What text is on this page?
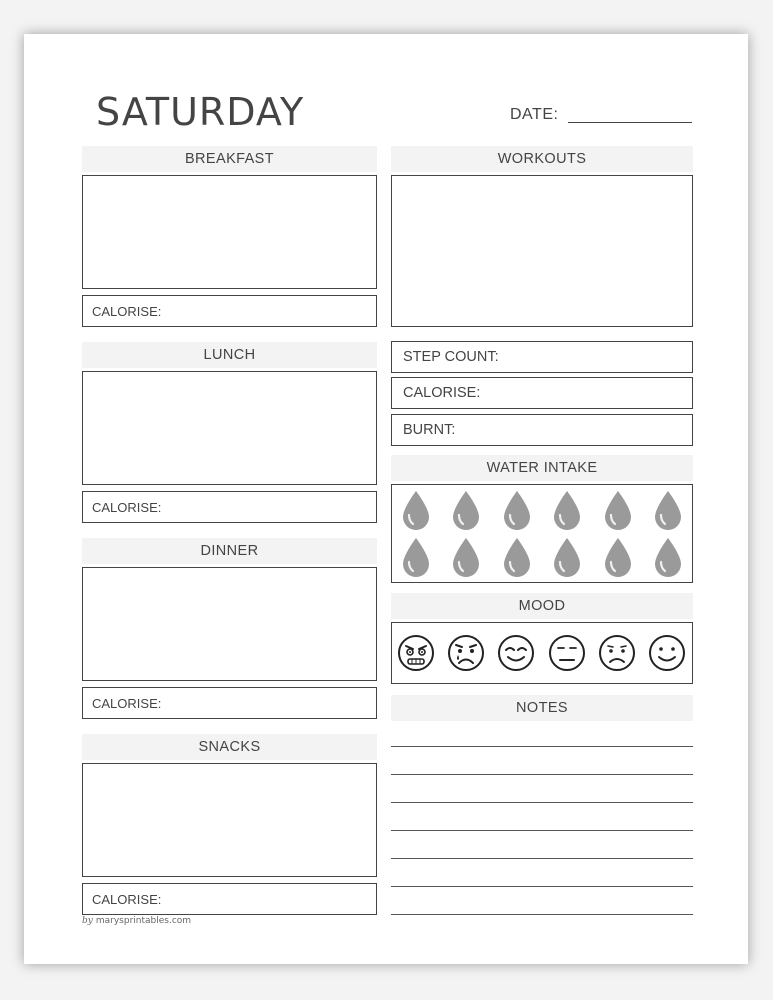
SATURDAY	DATE:
BREAKFAST
CALORISE:
LUNCH
CALORISE:
DINNER
CALORISE:
SNACKS
CALORISE:
WORKOUTS
STEP COUNT:
CALORISE:
BURNT:
WATER INTAKE
MOOD
NOTES
by marysprintables.com
